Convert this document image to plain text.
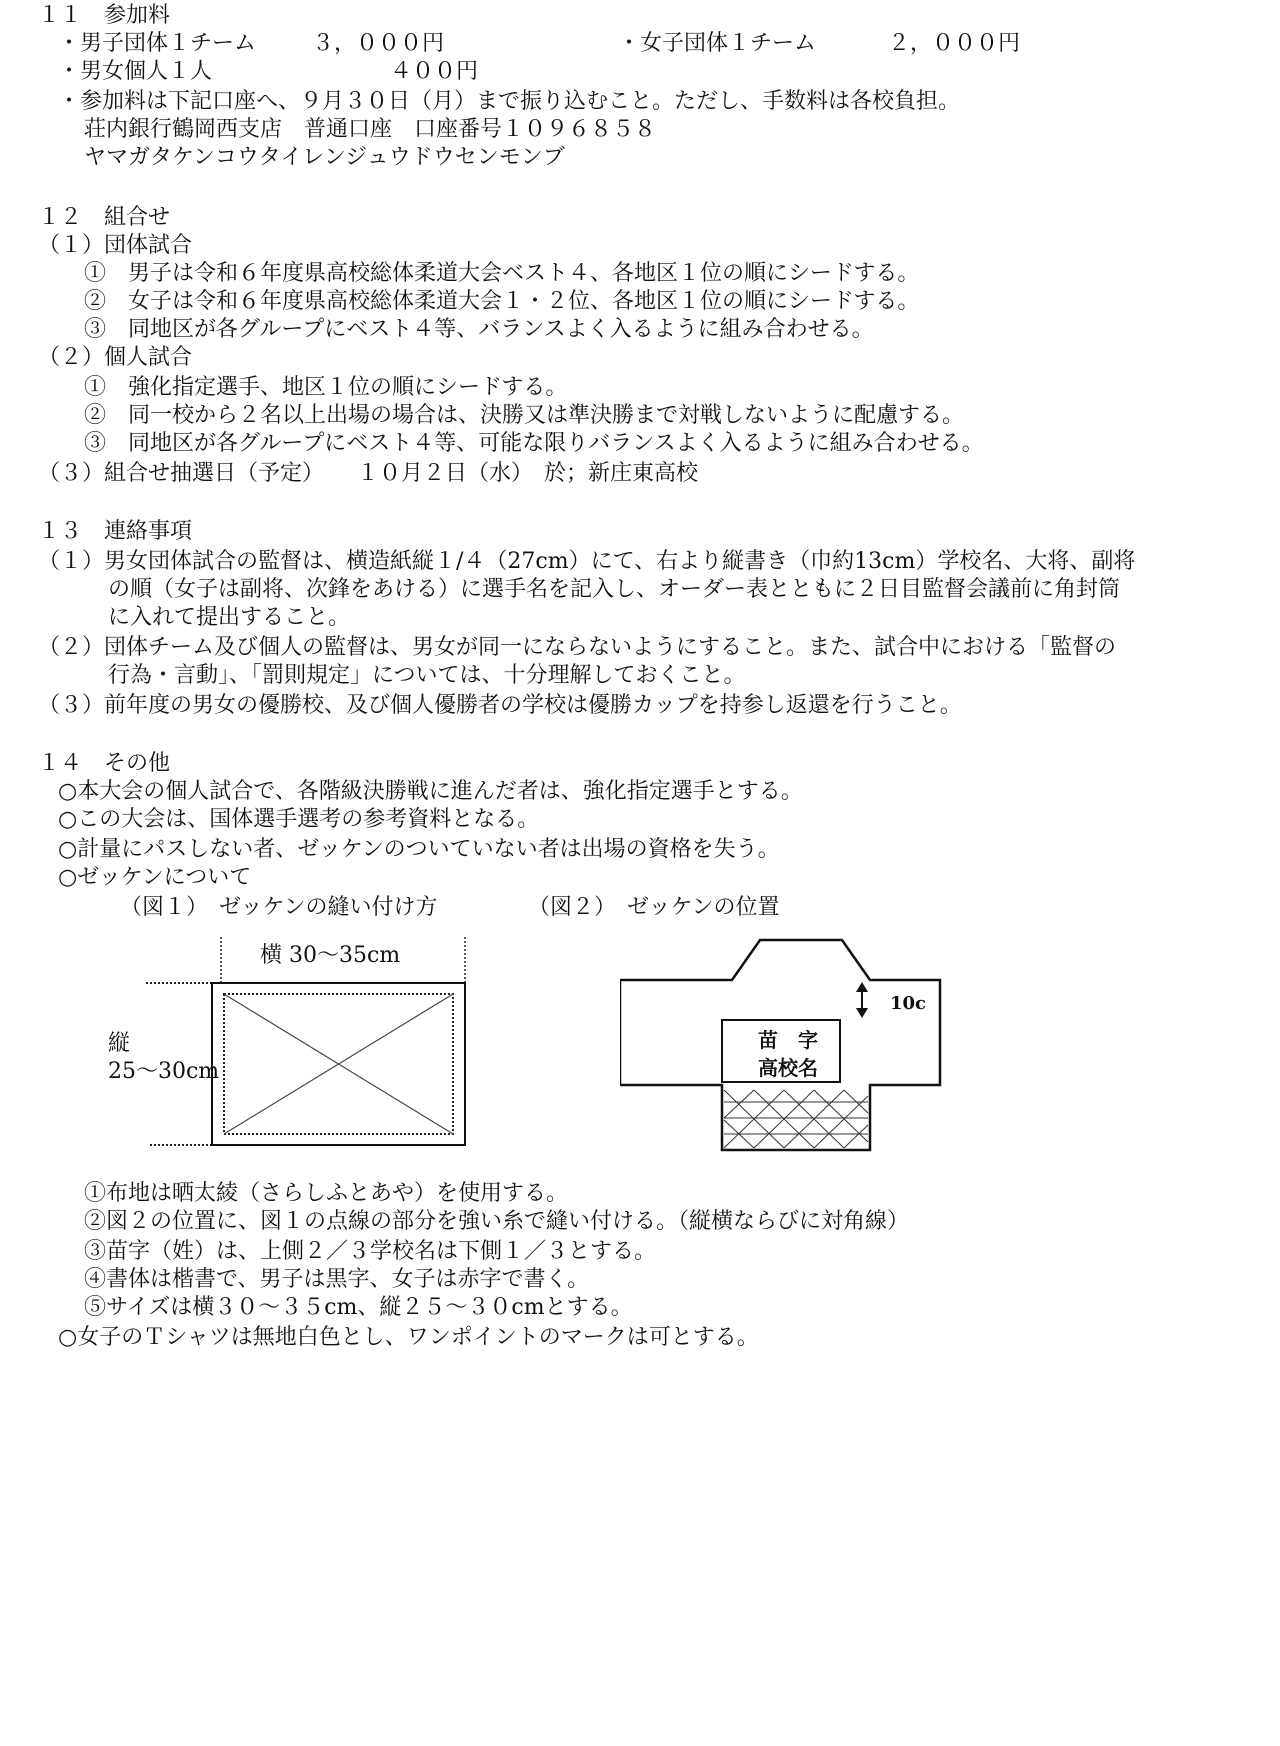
１１　参加料
・男子団体１チーム	３，０００円	・女子団体１チーム	２，０００円
・男女個人１人	４００円
・参加料は下記口座へ、９月３０日（月）まで振り込むこと。ただし、手数料は各校負担。
荘内銀行鶴岡西支店　普通口座　口座番号１０９６８５８
ヤマガタケンコウタイレンジュウドウセンモンブ
１２　組合せ
（１）団体試合
①　男子は令和６年度県高校総体柔道大会ベスト４、各地区１位の順にシードする。
②　女子は令和６年度県高校総体柔道大会１・２位、各地区１位の順にシードする。
③　同地区が各グループにベスト４等、バランスよく入るように組み合わせる。
（２）個人試合
①　強化指定選手、地区１位の順にシードする。
②　同一校から２名以上出場の場合は、決勝又は準決勝まで対戦しないように配慮する。
③　同地区が各グループにベスト４等、可能な限りバランスよく入るように組み合わせる。
（３）組合せ抽選日（予定）　　１０月２日（水）　於；新庄東高校
１３　連絡事項
（１）男女団体試合の監督は、横造紙縦１/４（27cm）にて、右より縦書き（巾約13cm）学校名、大将、副将
の順（女子は副将、次鋒をあける）に選手名を記入し、オーダー表とともに２日目監督会議前に角封筒
に入れて提出すること。
（２）団体チーム及び個人の監督は、男女が同一にならないようにすること。また、試合中における「監督の
行為・言動」、「罰則規定」については、十分理解しておくこと。
（３）前年度の男女の優勝校、及び個人優勝者の学校は優勝カップを持参し返還を行うこと。
１４　その他
○本大会の個人試合で、各階級決勝戦に進んだ者は、強化指定選手とする。
○この大会は、国体選手選考の参考資料となる。
○計量にパスしない者、ゼッケンのついていない者は出場の資格を失う。
○ゼッケンについて
（図１）　ゼッケンの縫い付け方	（図２）　ゼッケンの位置
横 30～35cm
縦
25～30cm
10c
苗　字
高校名
①布地は晒太綾（さらしふとあや）を使用する。
②図２の位置に、図１の点線の部分を強い糸で縫い付ける。（縦横ならびに対角線）
③苗字（姓）は、上側２／３学校名は下側１／３とする。
④書体は楷書で、男子は黒字、女子は赤字で書く。
⑤サイズは横３０～３５cm、縦２５～３０cmとする。
○女子のＴシャツは無地白色とし、ワンポイントのマークは可とする。
